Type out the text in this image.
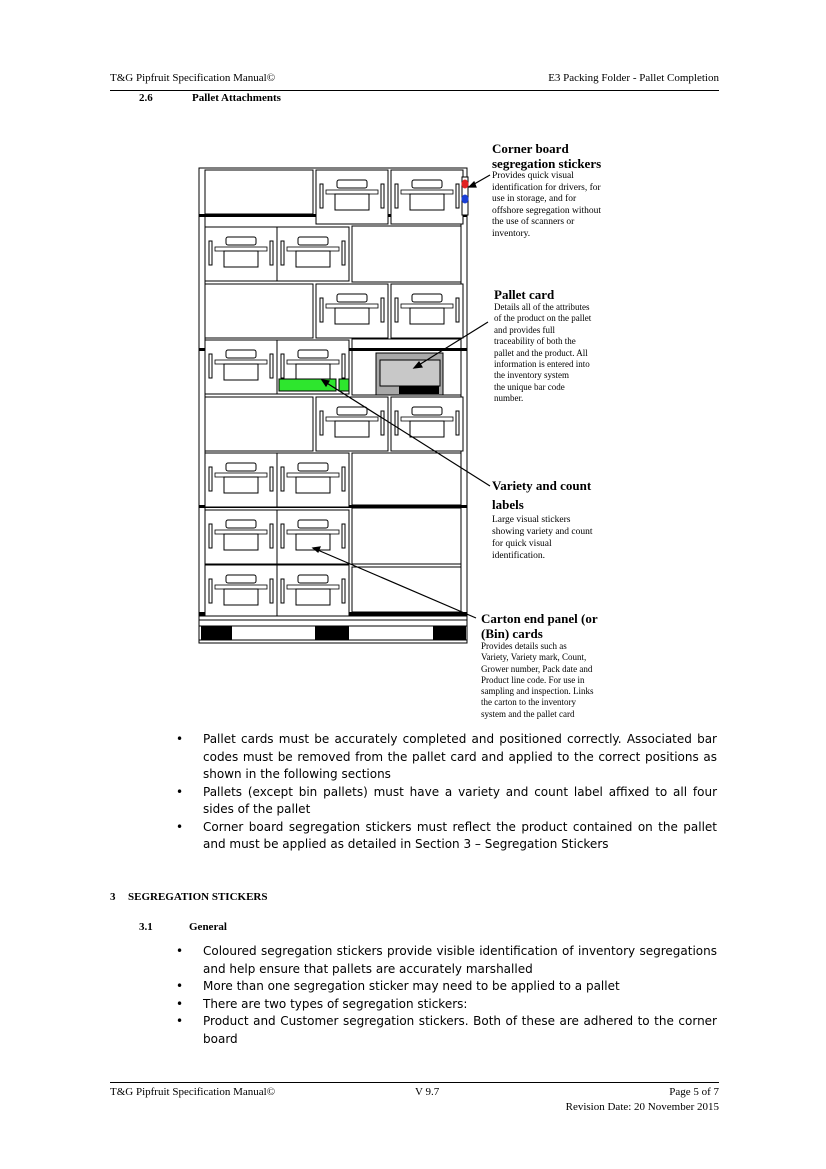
T&G Pipfruit Specification Manual©	E3 Packing Folder - Pallet Completion
2.6	Pallet Attachments
Corner board
segregation stickers
Provides quick visual
identification for drivers, for
use in storage, and for
offshore segregation without
the use of scanners or
inventory.
Pallet card
Details all of the attributes
of the product on the pallet
and provides full
traceability of both the
pallet and the product. All
information is entered into
the inventory system
the unique bar code
number.
Variety and count
labels
Large visual stickers
showing variety and count
for quick visual
identification.
Carton end panel (or
(Bin) cards
Provides details such as
Variety, Variety mark, Count,
Grower number, Pack date and
Product line code. For use in
sampling and inspection. Links
the carton to the inventory
system and the pallet card
• Pallet cards must be accurately completed and positioned correctly. Associated bar codes must be removed from the pallet card and applied to the correct positions as shown in the following sections
• Pallets (except bin pallets) must have a variety and count label affixed to all four sides of the pallet
• Corner board segregation stickers must reflect the product contained on the pallet and must be applied as detailed in Section 3 – Segregation Stickers
3 SEGREGATION STICKERS
3.1	General
• Coloured segregation stickers provide visible identification of inventory segregations and help ensure that pallets are accurately marshalled
• More than one segregation sticker may need to be applied to a pallet
• There are two types of segregation stickers:
• Product and Customer segregation stickers. Both of these are adhered to the corner board
T&G Pipfruit Specification Manual©	V 9.7	Page 5 of 7
Revision Date: 20 November 2015
